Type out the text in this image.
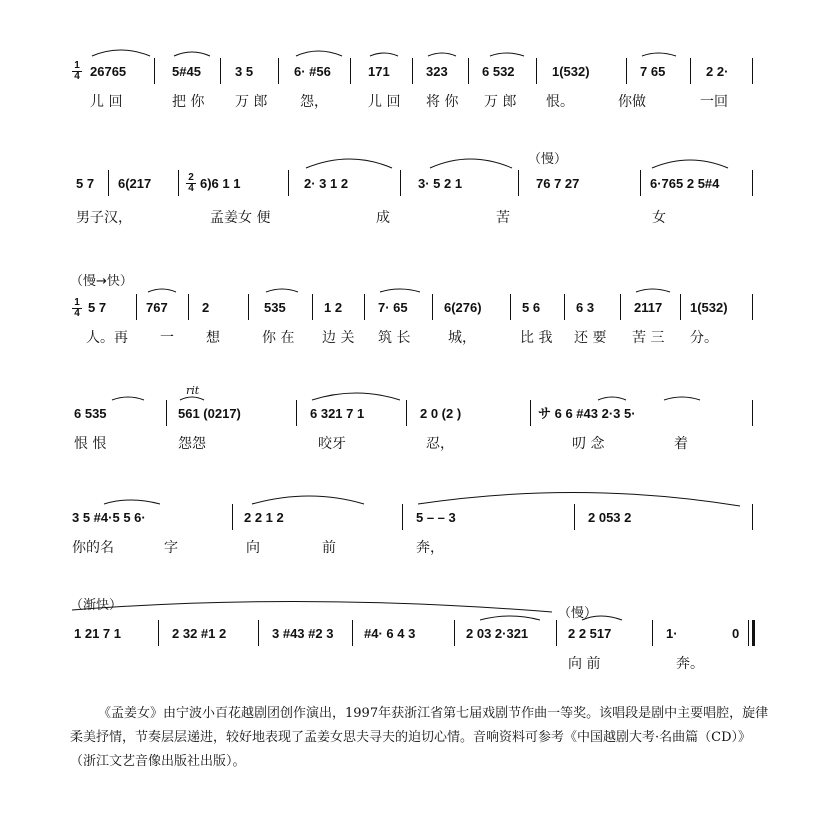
1
4 26765	5#45	3 5	6· #56	171	323	6 532	1(532)	7 65	2 2·
儿 回	把 你 万 郎 怨，	儿 回 将 你 万 郎 恨。	你做	一回
（慢）
2
4
5 7 6(217	6)6 1 1	2· 3 1 2	3· 5 2 1	76 7 27	6·765 2 5#4
男子汉，	孟姜女 便	成	苦	女
（慢→快）
1
4 5 7	767	2	535	1 2	7· 65	6(276)	5 6	6 3	2117 1(532)
人。再 一 想	你 在 边 关 筑 长	城，	比 我 还 要 苦 三 分。
rit
6 535	561 (0217)	6 321 7 1	2 0 (2 )	サ 6 6 #43 2·3 5·
恨 恨	怨怨	咬牙	忍，	叨 念	着
3 5 #4·5 5 6·	2 2 1 2	5 – – 3	2 053 2
你的名	字	向	前	奔，
（渐快）
（慢）
1 21 7 1	2 32 #1 2	3 #43 #2 3 #4· 6 4 3	2 03 2·321	2 2 517	1·	0
向 前	奔。

《孟姜女》由宁波小百花越剧团创作演出，1997年获浙江省第七届戏剧节作曲一等奖。该唱段是剧中主要唱腔，旋律柔美抒情，节奏层层递进，较好地表现了孟姜女思夫寻夫的迫切心情。音响资料可参考《中国越剧大考·名曲篇（CD）》（浙江文艺音像出版社出版）。
